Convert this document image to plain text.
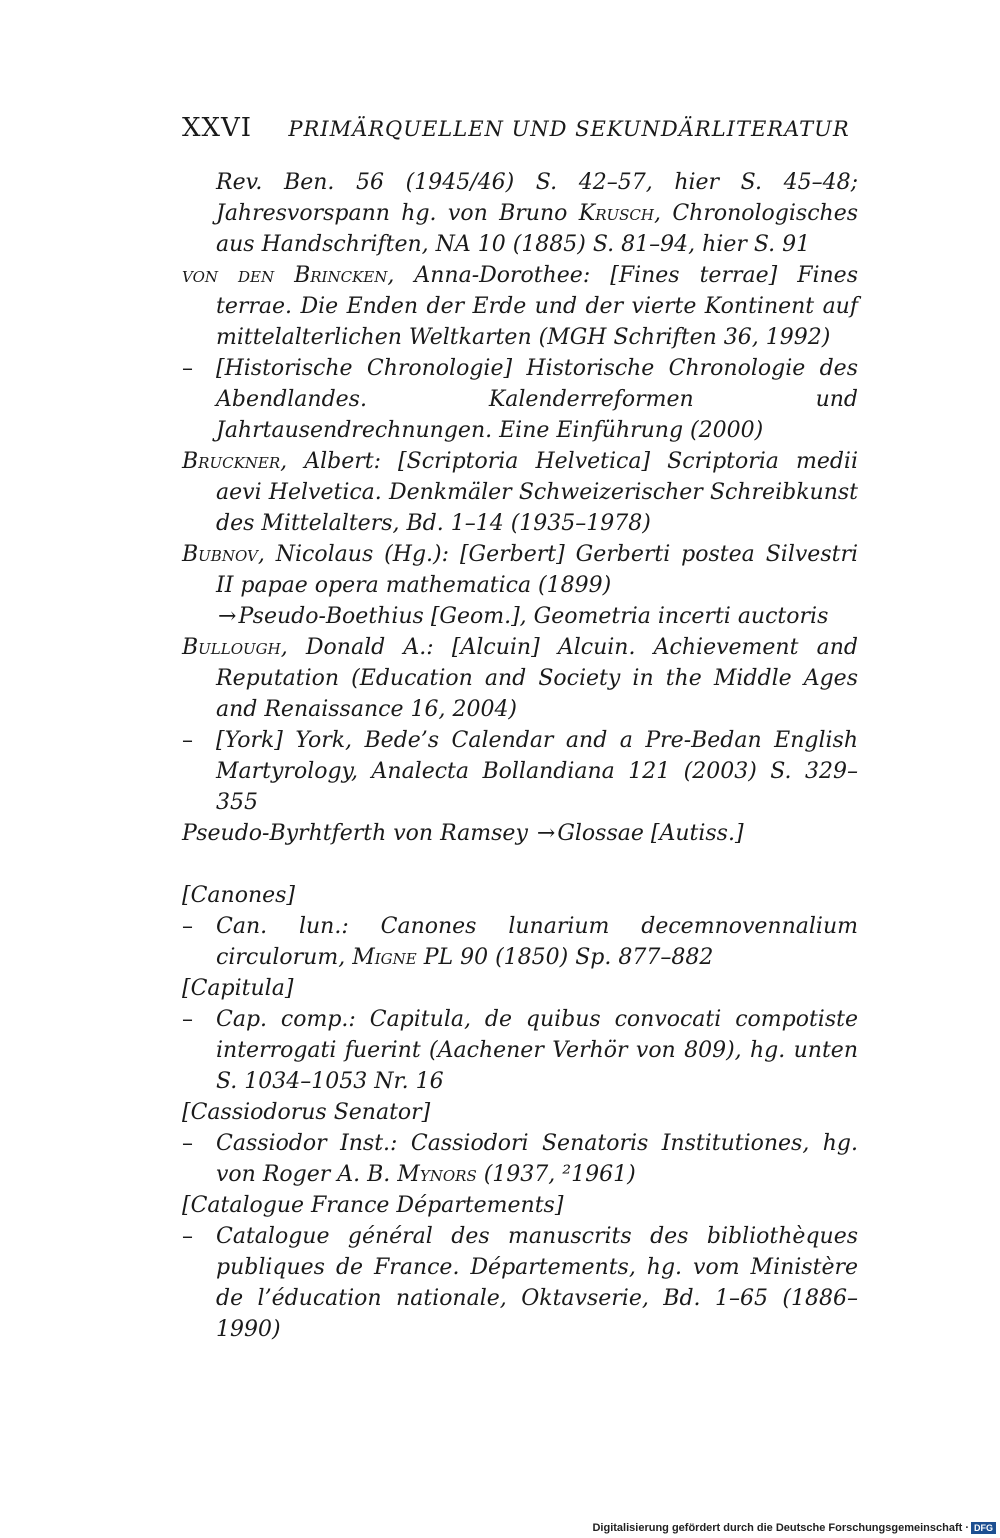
XXVI PRIMÄRQUELLEN UND SEKUNDÄRLITERATUR
Rev. Ben. 56 (1945/46) S. 42–57, hier S. 45–48; Jahresvorspann hg. von Bruno Krusch, Chronologisches aus Handschriften, NA 10 (1885) S. 81–94, hier S. 91
von den Brincken, Anna-Dorothee: [Fines terrae] Fines terrae. Die Enden der Erde und der vierte Kontinent auf mittelalterlichen Weltkarten (MGH Schriften 36, 1992)
– [Historische Chronologie] Historische Chronologie des Abendlandes. Kalenderreformen und Jahrtausendrechnungen. Eine Einführung (2000)
Bruckner, Albert: [Scriptoria Helvetica] Scriptoria medii aevi Helvetica. Denkmäler Schweizerischer Schreibkunst des Mittelalters, Bd. 1–14 (1935–1978)
Bubnov, Nicolaus (Hg.): [Gerbert] Gerberti postea Silvestri II papae opera mathematica (1899)
→Pseudo-Boethius [Geom.], Geometria incerti auctoris
Bullough, Donald A.: [Alcuin] Alcuin. Achievement and Reputation (Education and Society in the Middle Ages and Renaissance 16, 2004)
– [York] York, Bede’s Calendar and a Pre-Bedan English Martyrology, Analecta Bollandiana 121 (2003) S. 329–355
Pseudo-Byrhtferth von Ramsey →Glossae [Autiss.]
[Canones]
– Can. lun.: Canones lunarium decemnovennalium circulorum, Migne PL 90 (1850) Sp. 877–882
[Capitula]
– Cap. comp.: Capitula, de quibus convocati compotiste interrogati fuerint (Aachener Verhör von 809), hg. unten S. 1034–1053 Nr. 16
[Cassiodorus Senator]
– Cassiodor Inst.: Cassiodori Senatoris Institutiones, hg. von Roger A. B. Mynors (1937, ²1961)
[Catalogue France Départements]
– Catalogue général des manuscrits des bibliothèques publiques de France. Départements, hg. vom Ministère de l’éducation nationale, Oktavserie, Bd. 1–65 (1886–1990)
Digitalisierung gefördert durch die Deutsche Forschungsgemeinschaft · DFG
